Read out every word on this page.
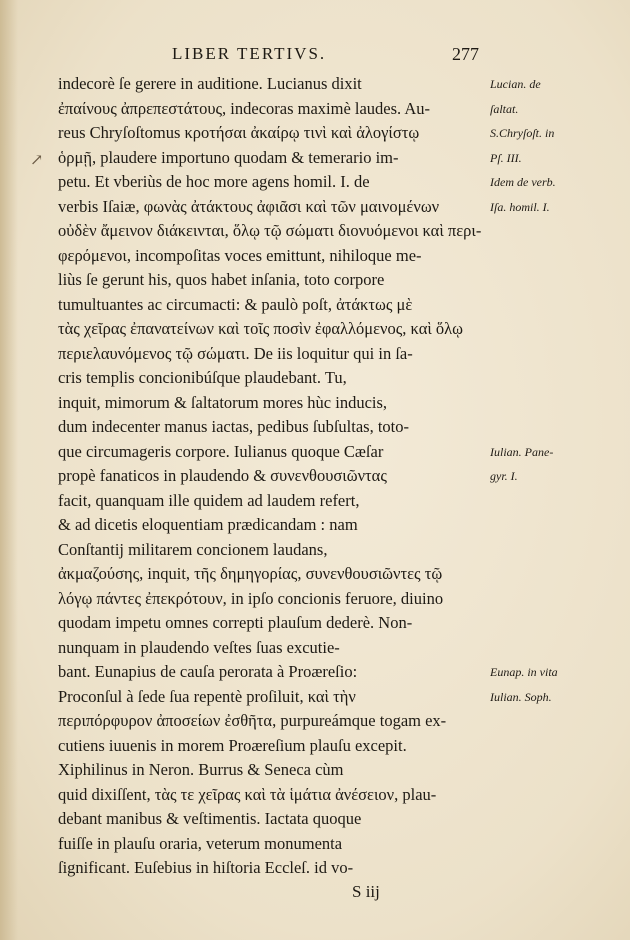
LIBER TERTIVS.	277
↗
indecorè ſe gerere in auditione. Lucianus dixit
ἐπαίνους ἀπρεπεστάτους, indecoras maximè laudes. Au-
reus Chryſoſtomus κροτήσαι ἀκαίρῳ τινὶ καὶ ἀλογίστῳ
ὁρμῇ, plaudere importuno quodam & temerario im-
petu. Et vberiùs de hoc more agens homil. I. de
verbis Iſaiæ, φωνὰς ἀτάκτους ἀφιᾶσι καὶ τῶν μαινομένων
οὐδὲν ἄμεινον διάκεινται, ὅλῳ τῷ σώματι διονυόμενοι καὶ περι-
φερόμενοι, incompoſitas voces emittunt, nihiloque me-
liùs ſe gerunt his, quos habet inſania, toto corpore
tumultuantes ac circumacti: & paulò poſt, ἀτάκτως μὲ
τὰς χεῖρας ἐπανατείνων καὶ τοῖς ποσὶν ἐφαλλόμενος, καὶ ὅλῳ
περιελαυνόμενος τῷ σώματι. De iis loquitur qui in ſa-
cris templis concionibúſque plaudebant. Tu,
inquit, mimorum & ſaltatorum mores hùc inducis,
dum indecenter manus iactas, pedibus ſubſultas, toto-
que circumageris corpore. Iulianus quoque Cæſar
propè fanaticos in plaudendo & συνενθουσιῶντας
facit, quanquam ille quidem ad laudem refert,
& ad dicetis eloquentiam prædicandam : nam
Conſtantij militarem concionem laudans,
ἀκμαζούσης, inquit, τῆς δημηγορίας, συνενθουσιῶντες τῷ
λόγῳ πάντες ἐπεκρότουν, in ipſo concionis feruore, diuino
quodam impetu omnes correpti plauſum dederè. Non-
nunquam in plaudendo veſtes ſuas excutie-
bant. Eunapius de cauſa perorata à Proæreſio:
Proconſul à ſede ſua repentè proſiluit, καὶ τὴν
περιπόρφυρον ἀποσείων ἐσθῆτα, purpureámque togam ex-
cutiens iuuenis in morem Proæreſium plauſu excepit.
Xiphilinus in Neron. Burrus & Seneca cùm
quid dixiſſent, τὰς τε χεῖρας καὶ τὰ ἱμάτια ἀνέσειον, plau-
debant manibus & veſtimentis. Iactata quoque
fuiſſe in plauſu oraria, veterum monumenta
ſignificant. Euſebius in hiſtoria Eccleſ. id vo-
Lucian. de
ſaltat.
S.Chryſoſt. in
Pſ. III.
Idem de verb.
Iſa. homil. I.
Iulian. Pane-
gyr. I.
Eunap. in vita
Iulian. Soph.
S iij
